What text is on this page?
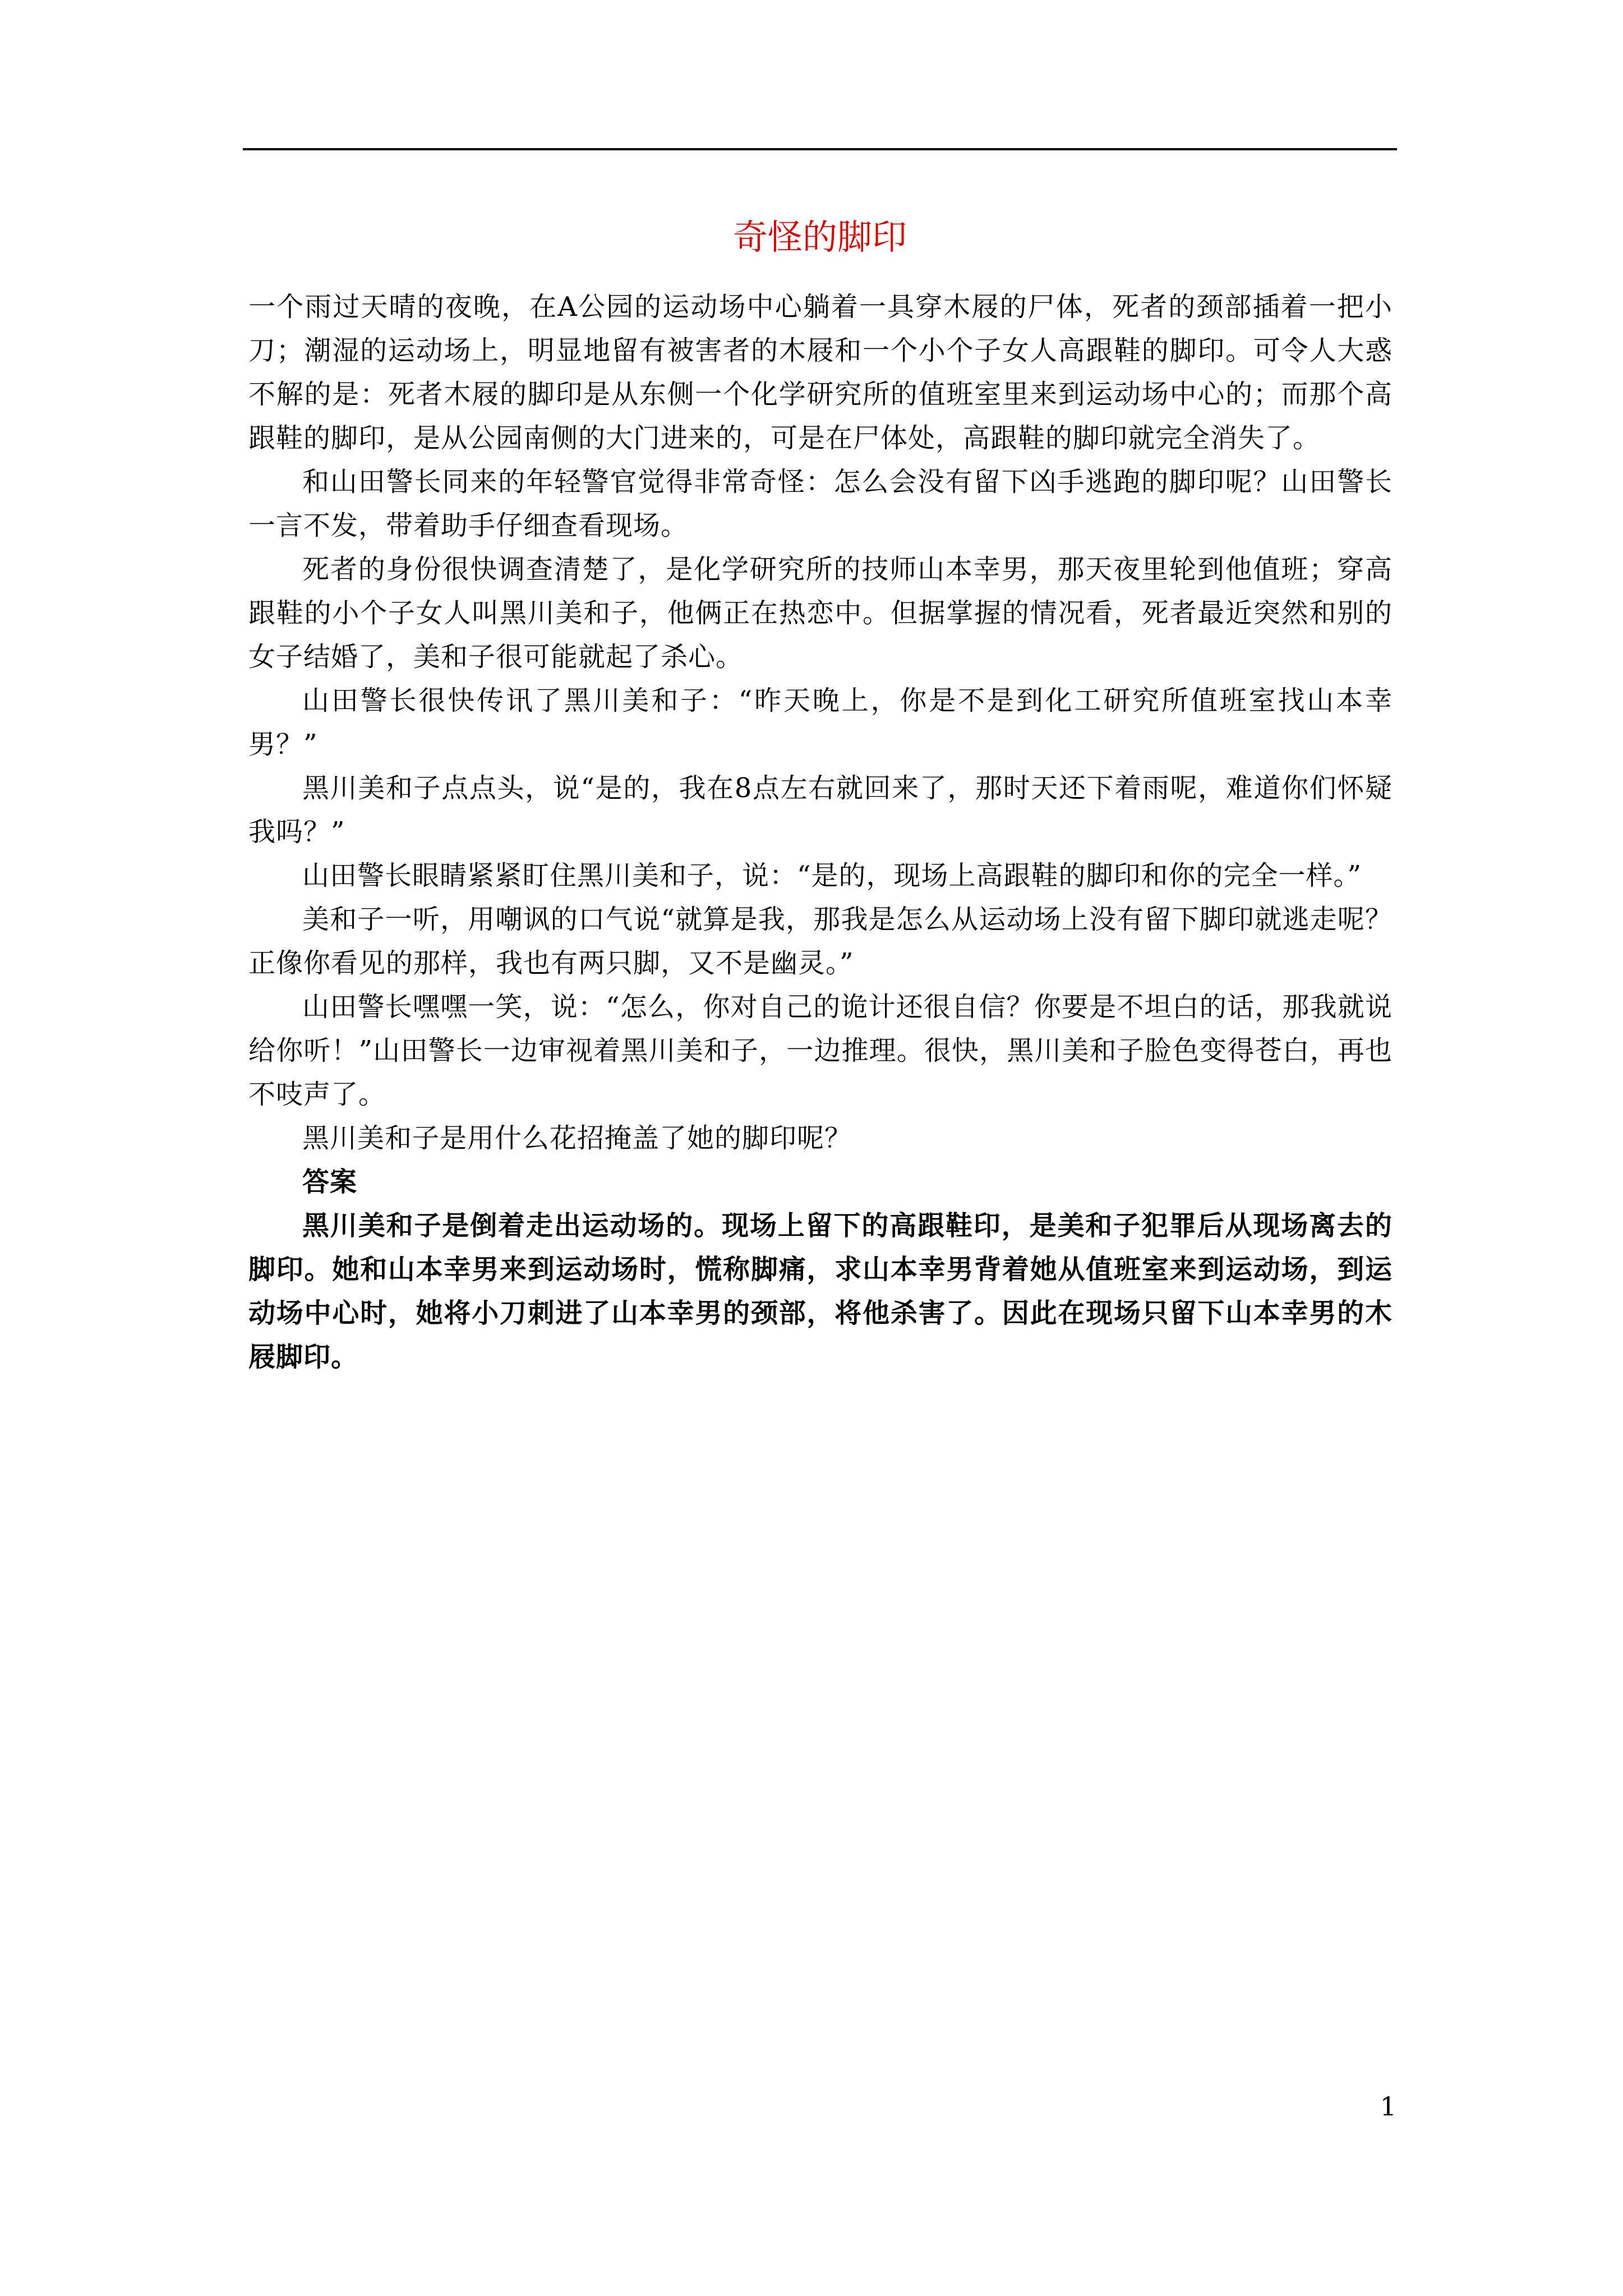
奇怪的脚印

一个雨过天晴的夜晚，在A公园的运动场中心躺着一具穿木屐的尸体，死者的颈部插着一把小刀；潮湿的运动场上，明显地留有被害者的木屐和一个小个子女人高跟鞋的脚印。可令人大惑不解的是：死者木屐的脚印是从东侧一个化学研究所的值班室里来到运动场中心的；而那个高跟鞋的脚印，是从公园南侧的大门进来的，可是在尸体处，高跟鞋的脚印就完全消失了。

和山田警长同来的年轻警官觉得非常奇怪：怎么会没有留下凶手逃跑的脚印呢？山田警长一言不发，带着助手仔细查看现场。

死者的身份很快调查清楚了，是化学研究所的技师山本幸男，那天夜里轮到他值班；穿高跟鞋的小个子女人叫黑川美和子，他俩正在热恋中。但据掌握的情况看，死者最近突然和别的女子结婚了，美和子很可能就起了杀心。

山田警长很快传讯了黑川美和子：“昨天晚上，你是不是到化工研究所值班室找山本幸男？”

黑川美和子点点头，说“是的，我在8点左右就回来了，那时天还下着雨呢，难道你们怀疑我吗？”

山田警长眼睛紧紧盯住黑川美和子，说：“是的，现场上高跟鞋的脚印和你的完全一样。”

美和子一听，用嘲讽的口气说“就算是我，那我是怎么从运动场上没有留下脚印就逃走呢？正像你看见的那样，我也有两只脚，又不是幽灵。”

山田警长嘿嘿一笑，说：“怎么，你对自己的诡计还很自信？你要是不坦白的话，那我就说给你听！”山田警长一边审视着黑川美和子，一边推理。很快，黑川美和子脸色变得苍白，再也不吱声了。

黑川美和子是用什么花招掩盖了她的脚印呢？

答案

黑川美和子是倒着走出运动场的。现场上留下的高跟鞋印，是美和子犯罪后从现场离去的脚印。她和山本幸男来到运动场时，慌称脚痛，求山本幸男背着她从值班室来到运动场，到运动场中心时，她将小刀刺进了山本幸男的颈部，将他杀害了。因此在现场只留下山本幸男的木屐脚印。

1
